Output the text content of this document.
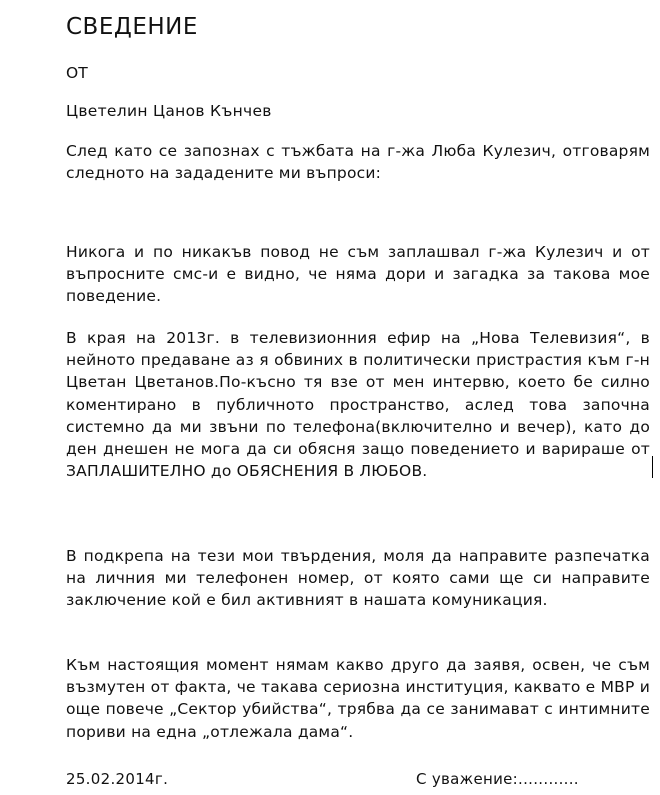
СВЕДЕНИЕ
ОТ
Цветелин Цанов Кънчев
След като се запознах с тъжбата на г-жа Люба Кулезич, отговарям следното на зададените ми въпроси:
Никога и по никакъв повод не съм заплашвал г-жа Кулезич и от въпросните смс-и е видно, че няма дори и загадка за такова мое поведение.
В края на 2013г. в телевизионния ефир на „Нова Телевизия“, в нейното предаване аз я обвиних в политически пристрастия към г-н Цветан Цветанов.По-късно тя взе от мен интервю, което бе силно коментирано в публичното пространство, аслед това започна системно да ми звъни по телефона(включително и вечер), като до ден днешен не мога да си обясня защо поведението и варираше от ЗАПЛАШИТЕЛНО до ОБЯСНЕНИЯ В ЛЮБОВ.
В подкрепа на тези мои твърдения, моля да направите разпечатка на личния ми телефонен номер, от която сами ще си направите заключение кой е бил активният в нашата комуникация.
Към настоящия момент нямам какво друго да заявя, освен, че съм възмутен от факта, че такава сериозна институция, каквато е МВР и още повече „Сектор убийства“, трябва да се занимават с интимните пориви на една „отлежала дама“.
25.02.2014г.	С уважение:............
